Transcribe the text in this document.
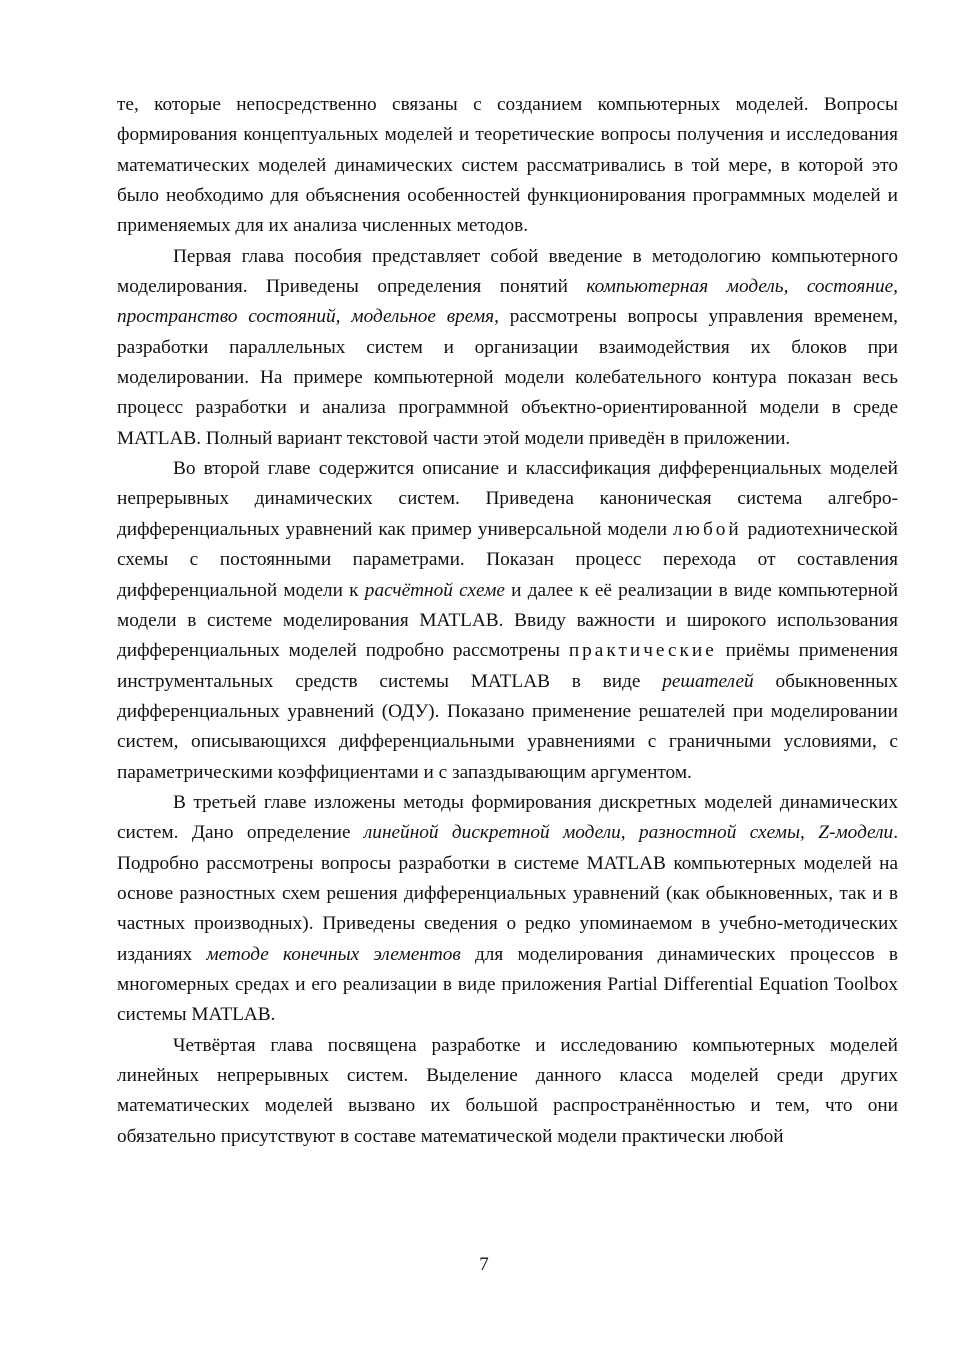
те, которые непосредственно связаны с созданием компьютерных моделей. Вопросы формирования концептуальных моделей и теоретические вопросы получения и исследования математических моделей динамических систем рассматривались в той мере, в которой это было необходимо для объяснения особенностей функционирования программных моделей и применяемых для их анализа численных методов.

Первая глава пособия представляет собой введение в методологию компьютерного моделирования. Приведены определения понятий компьютерная модель, состояние, пространство состояний, модельное время, рассмотрены вопросы управления временем, разработки параллельных систем и организации взаимодействия их блоков при моделировании. На примере компьютерной модели колебательного контура показан весь процесс разработки и анализа программной объектно-ориентированной модели в среде MATLAB. Полный вариант текстовой части этой модели приведён в приложении.

Во второй главе содержится описание и классификация дифференциальных моделей непрерывных динамических систем. Приведена каноническая система алгебро-дифференциальных уравнений как пример универсальной модели любой радиотехнической схемы с постоянными параметрами. Показан процесс перехода от составления дифференциальной модели к расчётной схеме и далее к её реализации в виде компьютерной модели в системе моделирования MATLAB. Ввиду важности и широкого использования дифференциальных моделей подробно рассмотрены практические приёмы применения инструментальных средств системы MATLAB в виде решателей обыкновенных дифференциальных уравнений (ОДУ). Показано применение решателей при моделировании систем, описывающихся дифференциальными уравнениями с граничными условиями, с параметрическими коэффициентами и с запаздывающим аргументом.

В третьей главе изложены методы формирования дискретных моделей динамических систем. Дано определение линейной дискретной модели, разностной схемы, Z-модели. Подробно рассмотрены вопросы разработки в системе MATLAB компьютерных моделей на основе разностных схем решения дифференциальных уравнений (как обыкновенных, так и в частных производных). Приведены сведения о редко упоминаемом в учебно-методических изданиях методе конечных элементов для моделирования динамических процессов в многомерных средах и его реализации в виде приложения Partial Differential Equation Toolbox системы MATLAB.

Четвёртая глава посвящена разработке и исследованию компьютерных моделей линейных непрерывных систем. Выделение данного класса моделей среди других математических моделей вызвано их большой распространённостью и тем, что они обязательно присутствуют в составе математической модели практически любой

7
